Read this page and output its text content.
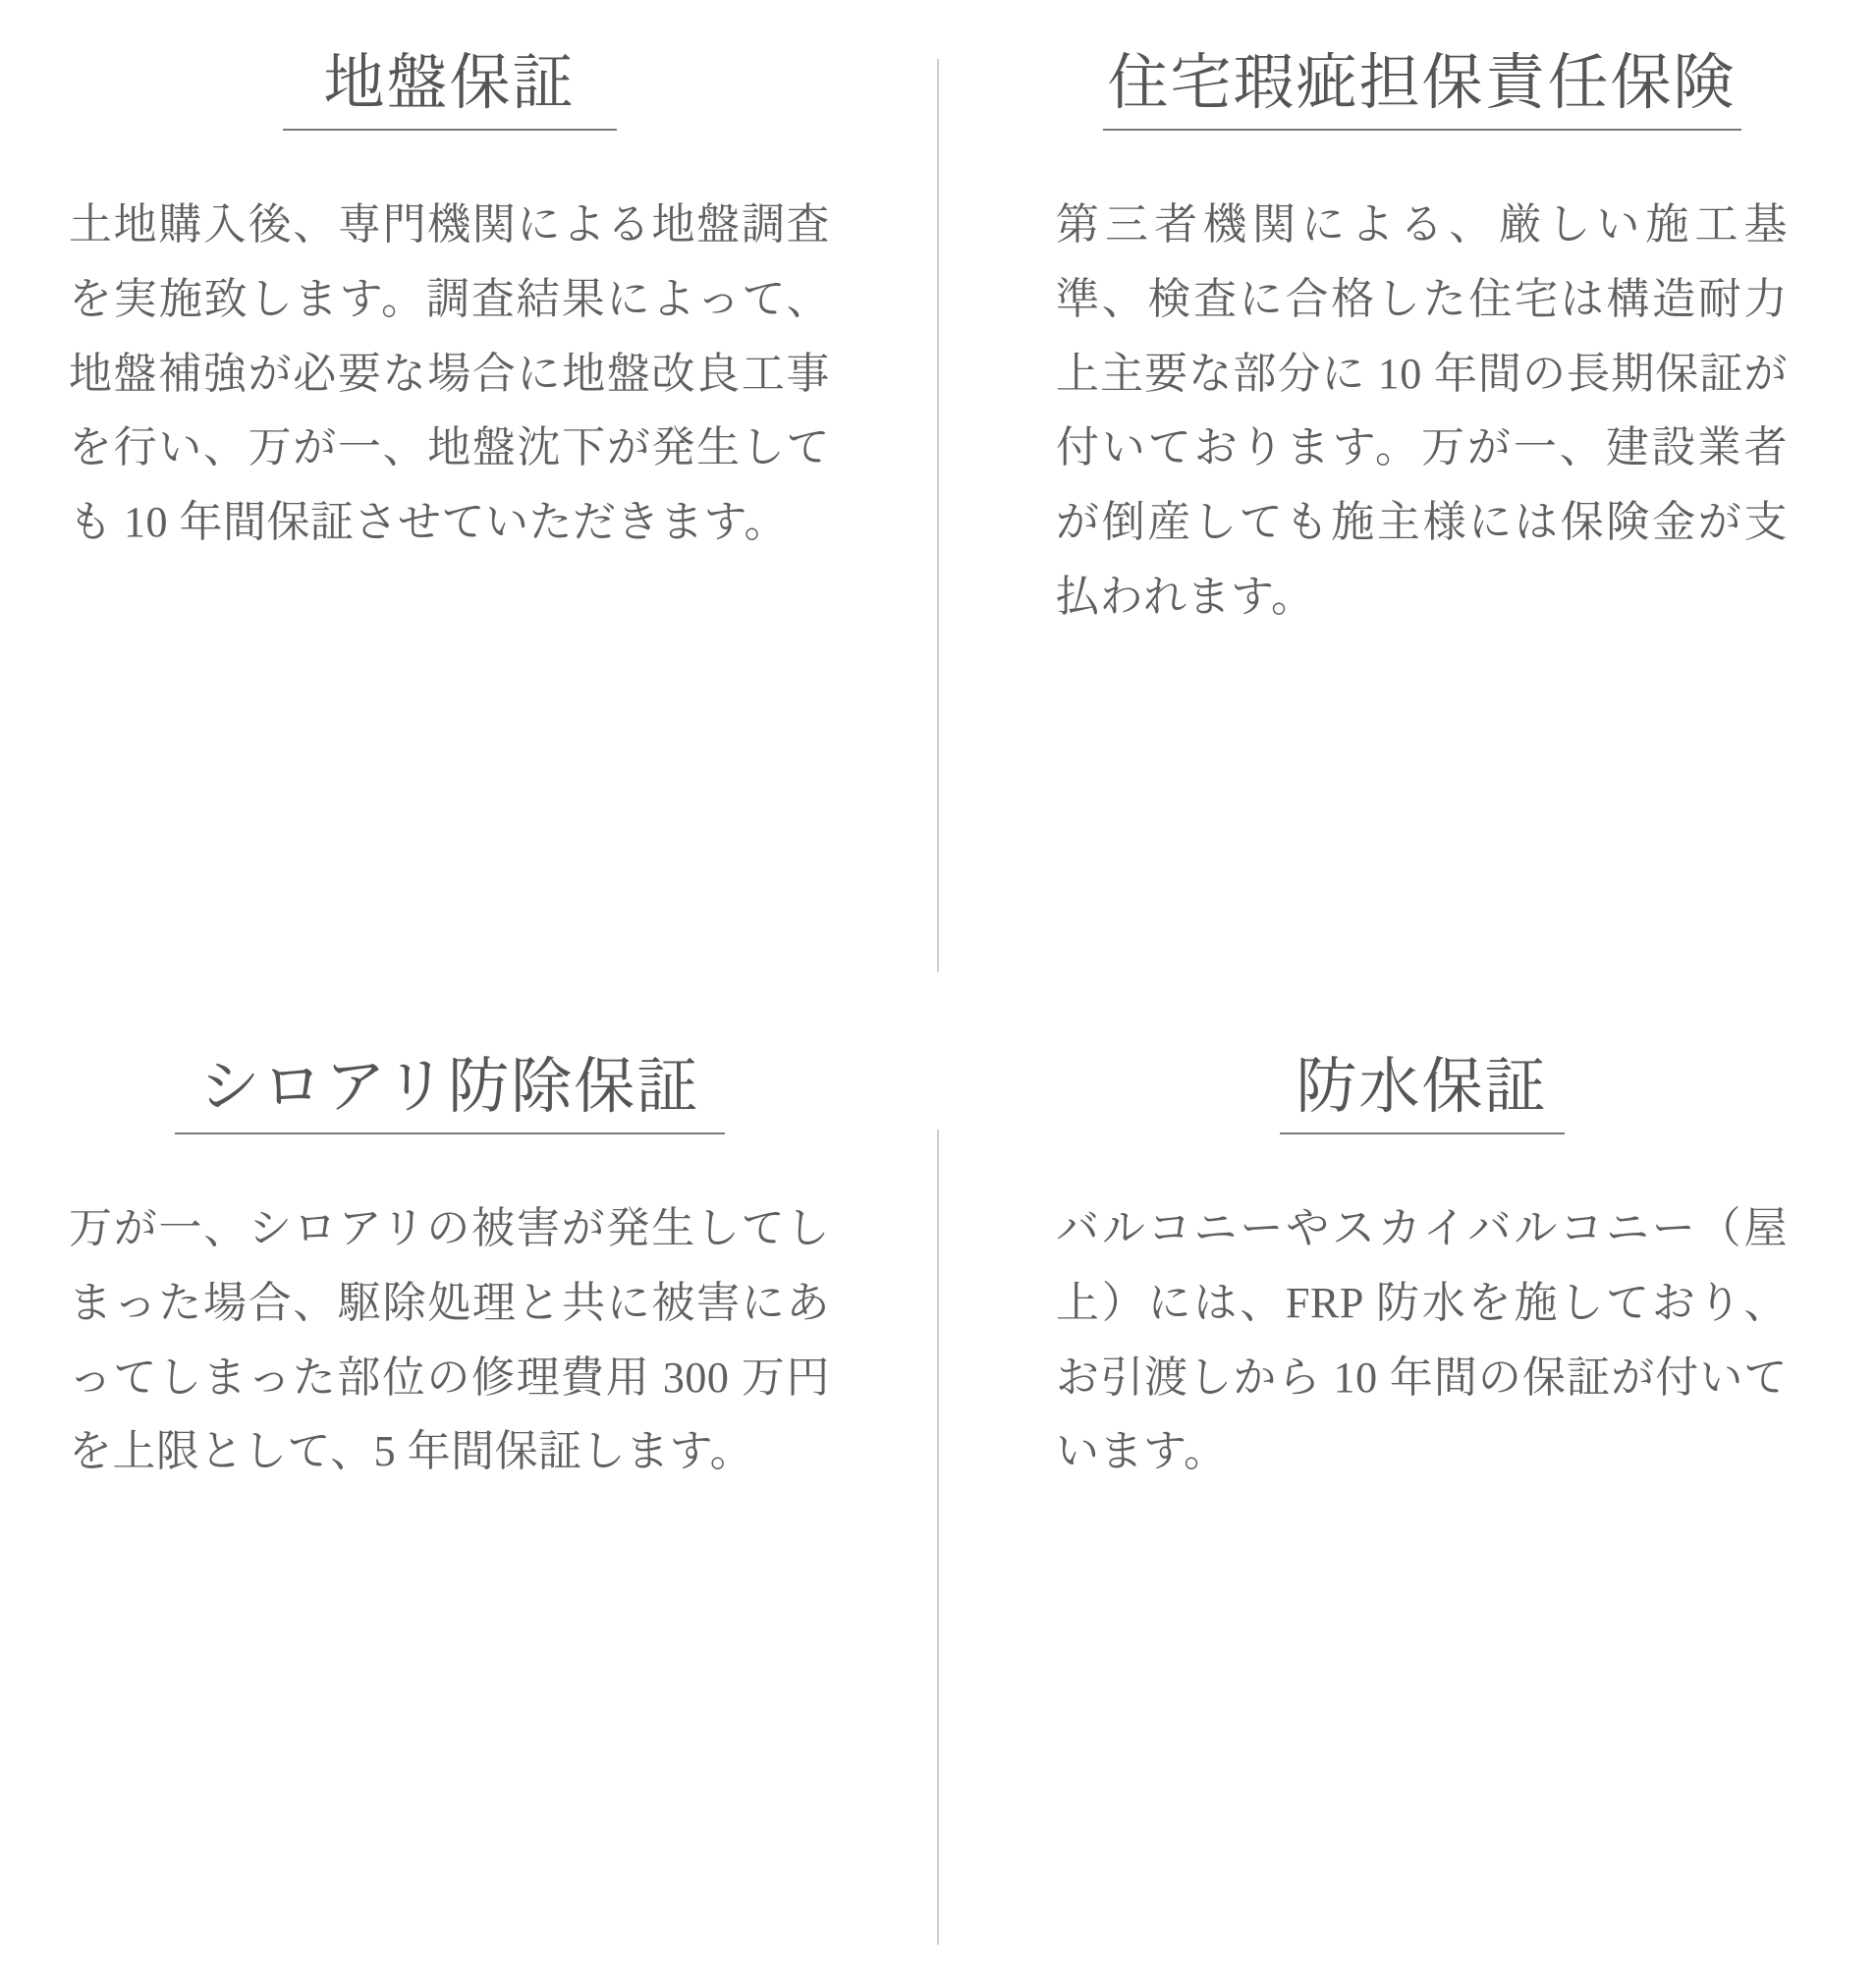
地盤保証

土地購入後、専門機関による地盤調査を実施致します。調査結果によって、地盤補強が必要な場合に地盤改良工事を行い、万が一、地盤沈下が発生しても 10 年間保証させていただきます。

住宅瑕疵担保責任保険

第三者機関による、厳しい施工基準、検査に合格した住宅は構造耐力上主要な部分に 10 年間の長期保証が付いております。万が一、建設業者が倒産しても施主様には保険金が支払われます。

シロアリ防除保証

万が一、シロアリの被害が発生してしまった場合、駆除処理と共に被害にあってしまった部位の修理費用 300 万円を上限として、5 年間保証します。

防水保証

バルコニーやスカイバルコニー（屋上）には、FRP 防水を施しており、お引渡しから 10 年間の保証が付いています。
